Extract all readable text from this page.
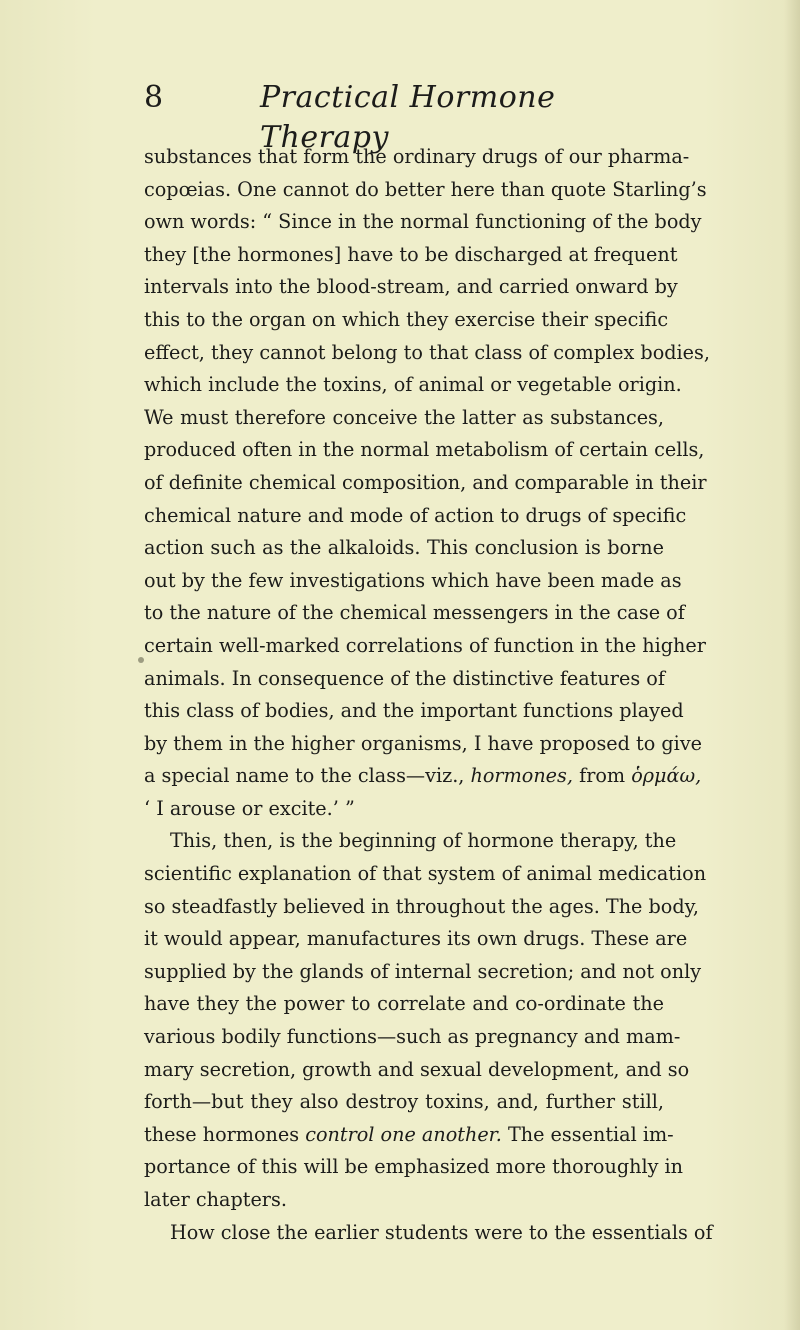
8	Practical Hormone Therapy
substances that form the ordinary drugs of our pharma-
copœias. One cannot do better here than quote Starling’s
own words: “ Since in the normal functioning of the body
they [the hormones] have to be discharged at frequent
intervals into the blood-stream, and carried onward by
this to the organ on which they exercise their specific
effect, they cannot belong to that class of complex bodies,
which include the toxins, of animal or vegetable origin.
We must therefore conceive the latter as substances,
produced often in the normal metabolism of certain cells,
of definite chemical composition, and comparable in their
chemical nature and mode of action to drugs of specific
action such as the alkaloids. This conclusion is borne
out by the few investigations which have been made as
to the nature of the chemical messengers in the case of
certain well-marked correlations of function in the higher
animals. In consequence of the distinctive features of
this class of bodies, and the important functions played
by them in the higher organisms, I have proposed to give
a special name to the class—viz., hormones, from ὁρμάω,
‘ I arouse or excite.’ ”
This, then, is the beginning of hormone therapy, the
scientific explanation of that system of animal medication
so steadfastly believed in throughout the ages. The body,
it would appear, manufactures its own drugs. These are
supplied by the glands of internal secretion; and not only
have they the power to correlate and co-ordinate the
various bodily functions—such as pregnancy and mam-
mary secretion, growth and sexual development, and so
forth—but they also destroy toxins, and, further still,
these hormones control one another. The essential im-
portance of this will be emphasized more thoroughly in
later chapters.
How close the earlier students were to the essentials of
